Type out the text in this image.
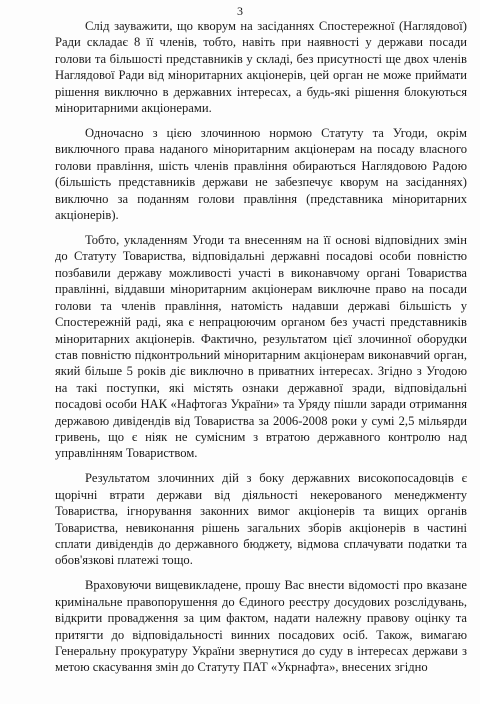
3

Слід зауважити, що кворум на засіданнях Спостережної (Наглядової) Ради складає 8 її членів, тобто, навіть при наявності у держави посади голови та більшості представників у складі, без присутності ще двох членів Наглядової Ради від міноритарних акціонерів, цей орган не може приймати рішення виключно в державних інтересах, а будь-які рішення блокуються міноритарними акціонерами.

Одночасно з цією злочинною нормою Статуту та Угоди, окрім виключного права наданого міноритарним акціонерам на посаду власного голови правління, шість членів правління обираються Наглядовою Радою (більшість представників держави не забезпечує кворум на засіданнях) виключно за поданням голови правління (представника міноритарних акціонерів).

Тобто, укладенням Угоди та внесенням на її основі відповідних змін до Статуту Товариства, відповідальні державні посадові особи повністю позбавили державу можливості участі в виконавчому органі Товариства правлінні, віддавши міноритарним акціонерам виключне право на посади голови та членів правління, натомість надавши державі більшість у Спостережній раді, яка є непрацюючим органом без участі представників міноритарних акціонерів. Фактично, результатом цієї злочинної оборудки став повністю підконтрольний міноритарним акціонерам виконавчий орган, який більше 5 років діє виключно в приватних інтересах. Згідно з Угодою на такі поступки, які містять ознаки державної зради, відповідальні посадові особи НАК «Нафтогаз України» та Уряду пішли заради отримання державою дивідендів від Товариства за 2006-2008 роки у сумі 2,5 мільярди гривень, що є ніяк не сумісним з втратою державного контролю над управлінням Товариством.

Результатом злочинних дій з боку державних високопосадовців є щорічні втрати держави від діяльності некерованого менеджменту Товариства, ігнорування законних вимог акціонерів та вищих органів Товариства, невиконання рішень загальних зборів акціонерів в частині сплати дивідендів до державного бюджету, відмова сплачувати податки та обов'язкові платежі тощо.

Враховуючи вищевикладене, прошу Вас внести відомості про вказане кримінальне правопорушення до Єдиного реєстру досудових розслідувань, відкрити провадження за цим фактом, надати належну правову оцінку та притягти до відповідальності винних посадових осіб. Також, вимагаю Генеральну прокуратуру України звернутися до суду в інтересах держави з метою скасування змін до Статуту ПАТ «Укрнафта», внесених згідно
